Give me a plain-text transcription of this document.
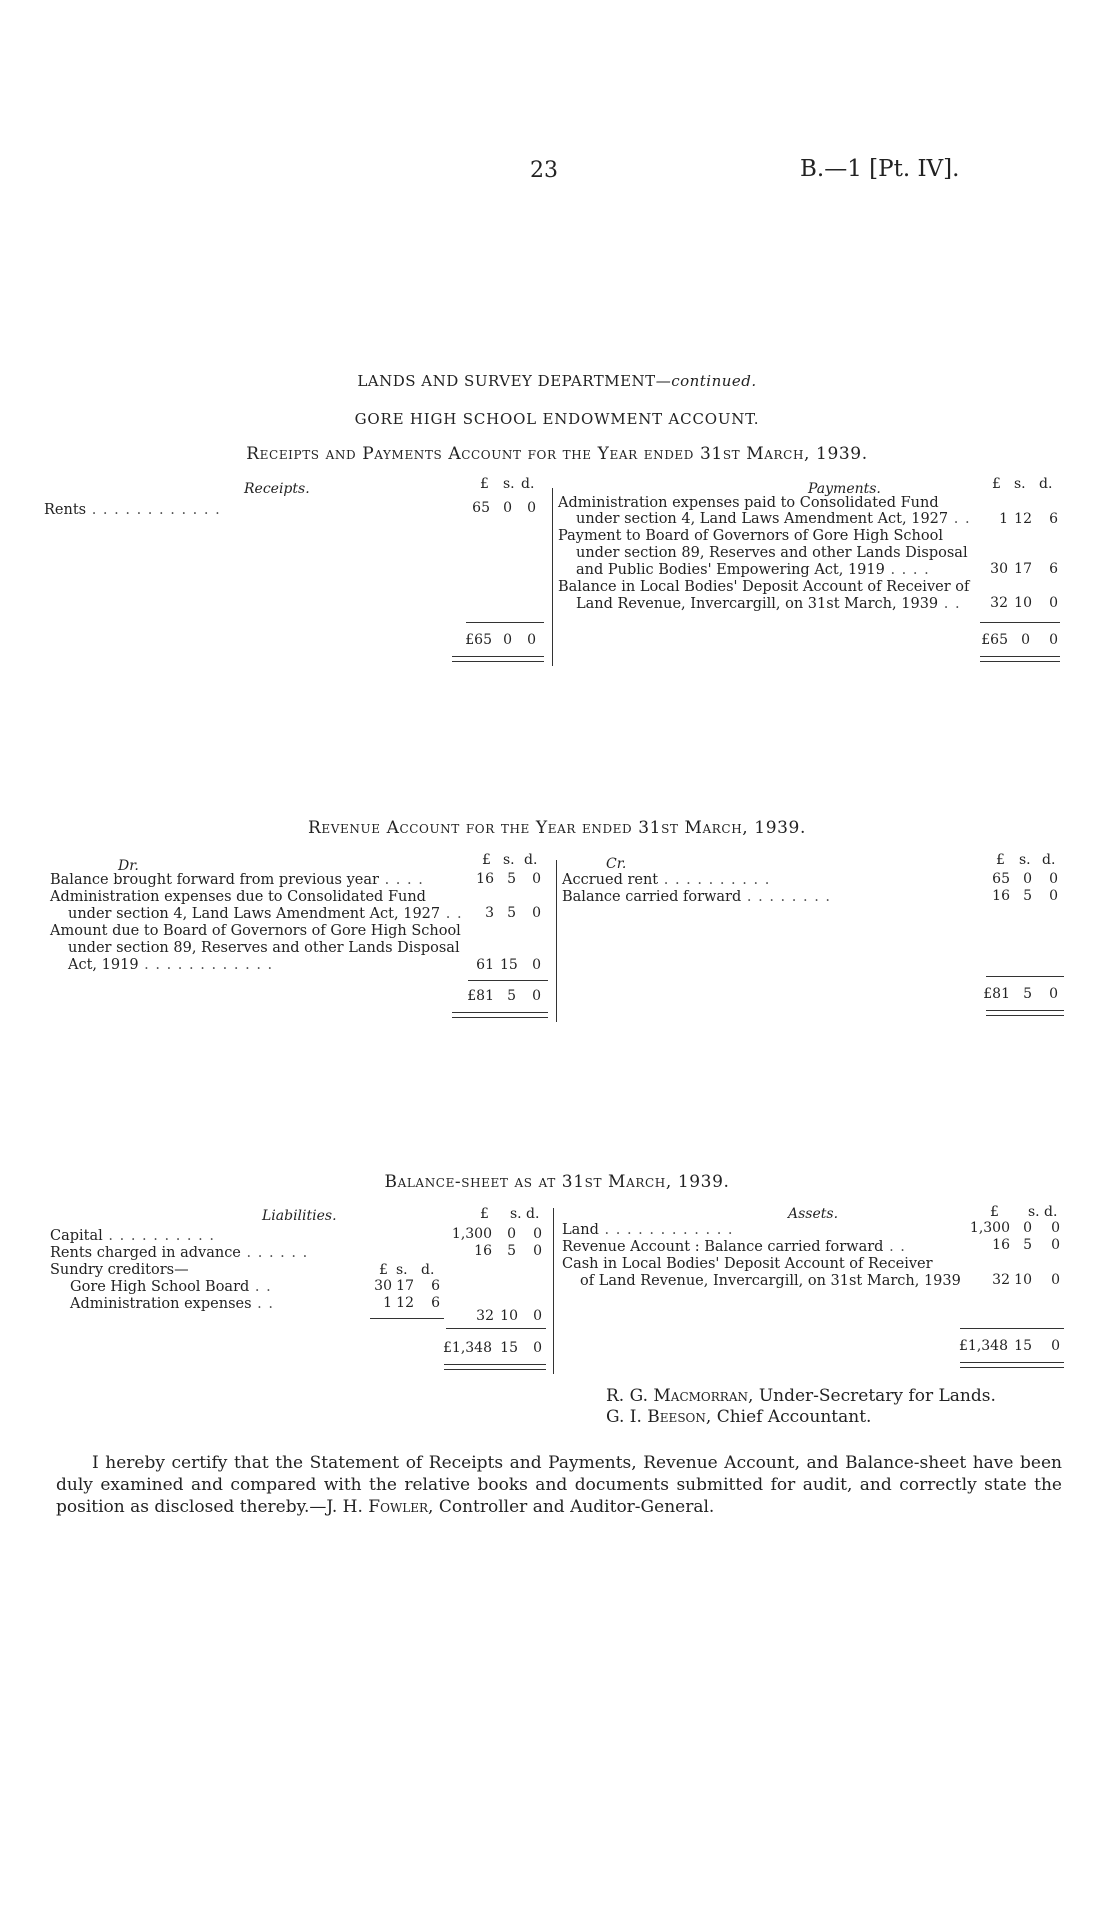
23	B.—1 [Pt. IV].
LANDS AND SURVEY DEPARTMENT—continued.
GORE HIGH SCHOOL ENDOWMENT ACCOUNT.
Receipts and Payments Account for the Year ended 31st March, 1939.
Receipts.	£ s. d.
Rents . . . . . . . . . . . .	65 0	0
£65 0	0
Payments.	£ s. d.
Administration expenses paid to Consolidated Fund
under section 4, Land Laws Amendment Act, 1927 . .	1 12	6
Payment to Board of Governors of Gore High School
under section 89, Reserves and other Lands Disposal
and Public Bodies' Empowering Act, 1919 . . . .	30 17	6
Balance in Local Bodies' Deposit Account of Receiver of
Land Revenue, Invercargill, on 31st March, 1939 . .	32 10	0
£65 0	0
Revenue Account for the Year ended 31st March, 1939.
Dr.	£ s. d.
Balance brought forward from previous year . . . .	16 5	0
Administration expenses due to Consolidated Fund
under section 4, Land Laws Amendment Act, 1927 . .	3 5	0
Amount due to Board of Governors of Gore High School
under section 89, Reserves and other Lands Disposal
Act, 1919 . . . . . . . . . . . .	61 15	0
£81 5	0
Cr.	£ s. d.
Accrued rent . . . . . . . . . .	65 0	0
Balance carried forward . . . . . . . .	16 5	0
£81 5	0
Balance-sheet as at 31st March, 1939.
Liabilities.	£ s. d.
Capital . . . . . . . . . .	1,300	0	0
Rents charged in advance . . . . . .	16	5	0
Sundry creditors—	£ s. d.
Gore High School Board . .	30 17	6
Administration expenses . .	1 12	6
32 10	0
£1,348 15	0
Assets.	£ s. d.
Land . . . . . . . . . . . .	1,300 0	0
Revenue Account : Balance carried forward . .	16 5	0
Cash in Local Bodies' Deposit Account of Receiver
of Land Revenue, Invercargill, on 31st March, 1939	32 10	0
£1,348 15	0
R. G. Macmorran, Under-Secretary for Lands.
G. I. Beeson, Chief Accountant.
I hereby certify that the Statement of Receipts and Payments, Revenue Account, and Balance-sheet have been duly examined and compared with the relative books and documents submitted for audit, and correctly state the position as disclosed thereby.—J. H. Fowler, Controller and Auditor-General.
